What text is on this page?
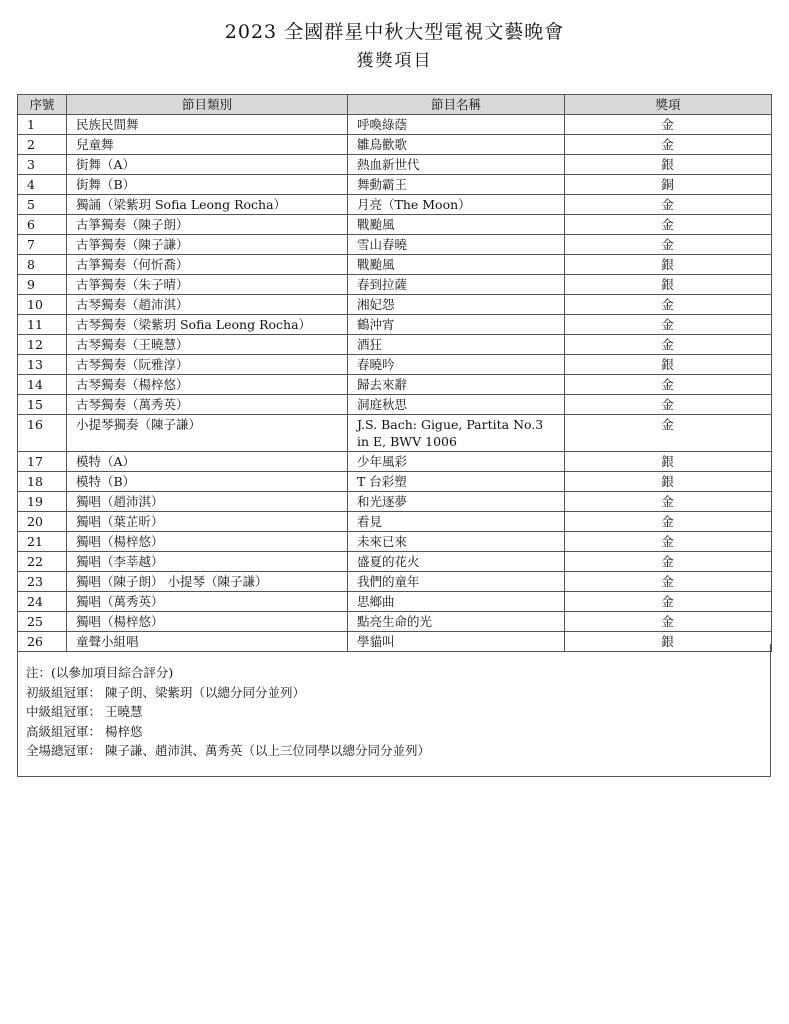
2023 全國群星中秋大型電視文藝晚會
獲獎項目
序號	節目類別	節目名稱	獎項
1	民族民間舞	呼喚綠蔭	金
2	兒童舞	雛鳥歡歌	金
3	街舞（A）	熱血新世代	銀
4	街舞（B）	舞動霸王	銅
5	獨誦（梁紫玥 Sofia Leong Rocha）	月亮（The Moon）	金
6	古箏獨奏（陳子朗）	戰颱風	金
7	古箏獨奏（陳子謙）	雪山春曉	金
8	古箏獨奏（何忻喬）	戰颱風	銀
9	古箏獨奏（朱子晴）	春到拉薩	銀
10	古琴獨奏（趙沛淇）	湘妃怨	金
11	古琴獨奏（梁紫玥 Sofia Leong Rocha）	鶴沖宵	金
12	古琴獨奏（王曉慧）	酒狂	金
13	古琴獨奏（阮雅淳）	春曉吟	銀
14	古琴獨奏（楊梓悠）	歸去來辭	金
15	古琴獨奏（萬秀英）	洞庭秋思	金
16	小提琴獨奏（陳子謙）	J.S. Bach: Gigue, Partita No.3 in E, BWV 1006	金
17	模特（A）	少年風彩	銀
18	模特（B）	T 台彩塑	銀
19	獨唱（趙沛淇）	和光逐夢	金
20	獨唱（葉芷昕）	看見	金
21	獨唱（楊梓悠）	未來已來	金
22	獨唱（李莘越）	盛夏的花火	金
23	獨唱（陳子朗） 小提琴（陳子謙）	我們的童年	金
24	獨唱（萬秀英）	思鄉曲	金
25	獨唱（楊梓悠）	點亮生命的光	金
26	童聲小組唱	學貓叫	銀
注：(以參加項目綜合評分)
初級組冠軍： 陳子朗、梁紫玥（以總分同分並列）
中級組冠軍： 王曉慧
高級組冠軍： 楊梓悠
全場總冠軍： 陳子謙、趙沛淇、萬秀英（以上三位同學以總分同分並列）
